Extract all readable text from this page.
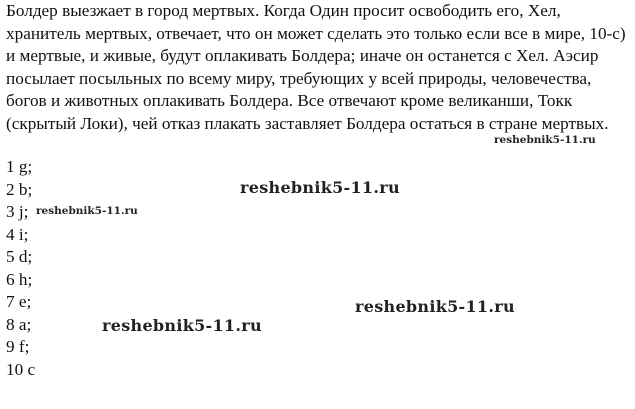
Болдер выезжает в город мертвых. Когда Один просит освободить его, Хел, хранитель мертвых, отвечает, что он может сделать это только если все в мире, 10-с) и мертвые, и живые, будут оплакивать Болдера; иначе он останется с Хел. Аэсир посылает посыльных по всему миру, требующих у всей природы, человечества, богов и животных оплакивать Болдера. Все отвечают кроме великанши, Токк (скрытый Локи), чей отказ плакать заставляет Болдера остаться в стране мертвых.

1 g;
2 b;
3 j;
4 i;
5 d;
6 h;
7 e;
8 a;
9 f;
10 c
reshebnik5-11.ru
reshebnik5-11.ru
reshebnik5-11.ru
reshebnik5-11.ru
reshebnik5-11.ru
